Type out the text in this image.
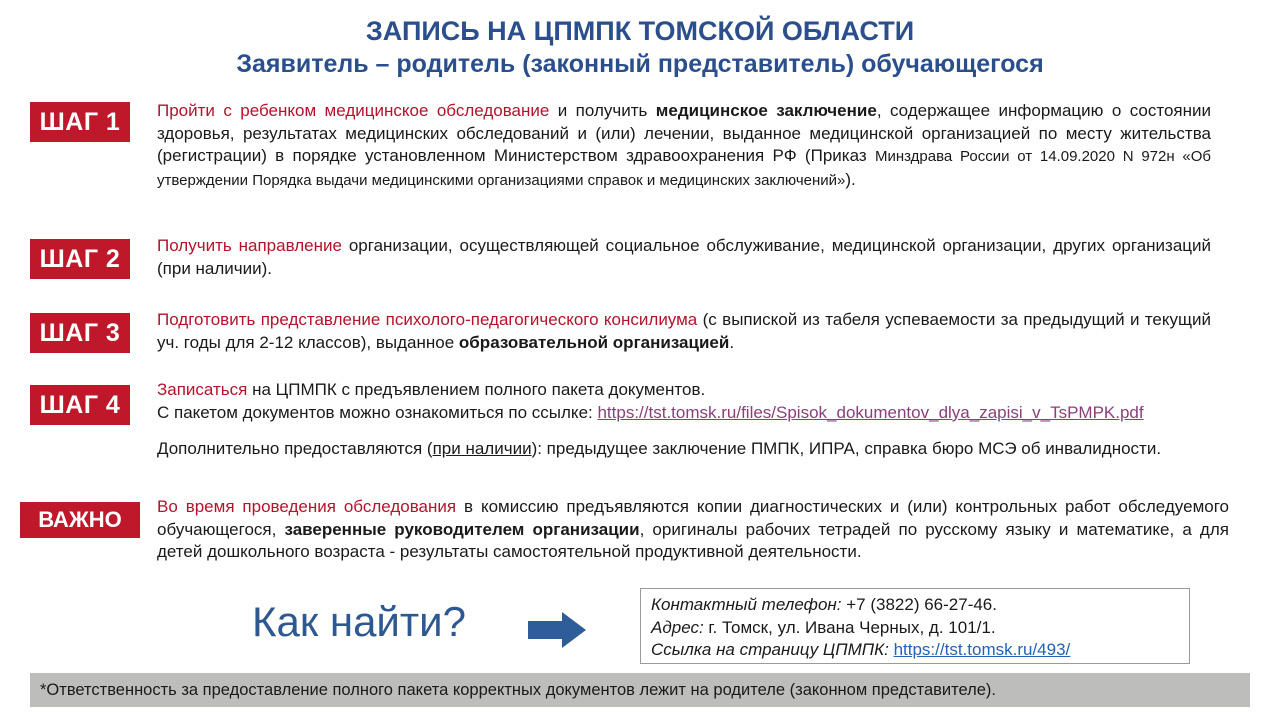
ЗАПИСЬ НА ЦПМПК ТОМСКОЙ ОБЛАСТИ
Заявитель – родитель (законный представитель) обучающегося
ШАГ 1	Пройти с ребенком медицинское обследование и получить медицинское заключение, содержащее информацию о состоянии здоровья, результатах медицинских обследований и (или) лечении, выданное медицинской организацией по месту жительства (регистрации) в порядке установленном Министерством здравоохранения РФ (Приказ Минздрава России от 14.09.2020 N 972н «Об утверждении Порядка выдачи медицинскими организациями справок и медицинских заключений»).
ШАГ 2	Получить направление организации, осуществляющей социальное обслуживание, медицинской организации, других организаций (при наличии).
ШАГ 3	Подготовить представление психолого-педагогического консилиума (с выпиской из табеля успеваемости за предыдущий и текущий уч. годы для 2-12 классов), выданное образовательной организацией.
ШАГ 4
Записаться на ЦПМПК с предъявлением полного пакета документов.
С пакетом документов можно ознакомиться по ссылке: https://tst.tomsk.ru/files/Spisok_dokumentov_dlya_zapisi_v_TsPMPK.pdf
Дополнительно предоставляются (при наличии): предыдущее заключение ПМПК, ИПРА, справка бюро МСЭ об инвалидности.
ВАЖНО
Во время проведения обследования в комиссию предъявляются копии диагностических и (или) контрольных работ обследуемого обучающегося, заверенные руководителем организации, оригиналы рабочих тетрадей по русскому языку и математике, а для детей дошкольного возраста - результаты самостоятельной продуктивной деятельности.
Как найти?	Контактный телефон: +7 (3822) 66-27-46.
Адрес: г. Томск, ул. Ивана Черных, д. 101/1.
Ссылка на страницу ЦПМПК: https://tst.tomsk.ru/493/
*Ответственность за предоставление полного пакета корректных документов лежит на родителе (законном представителе).
